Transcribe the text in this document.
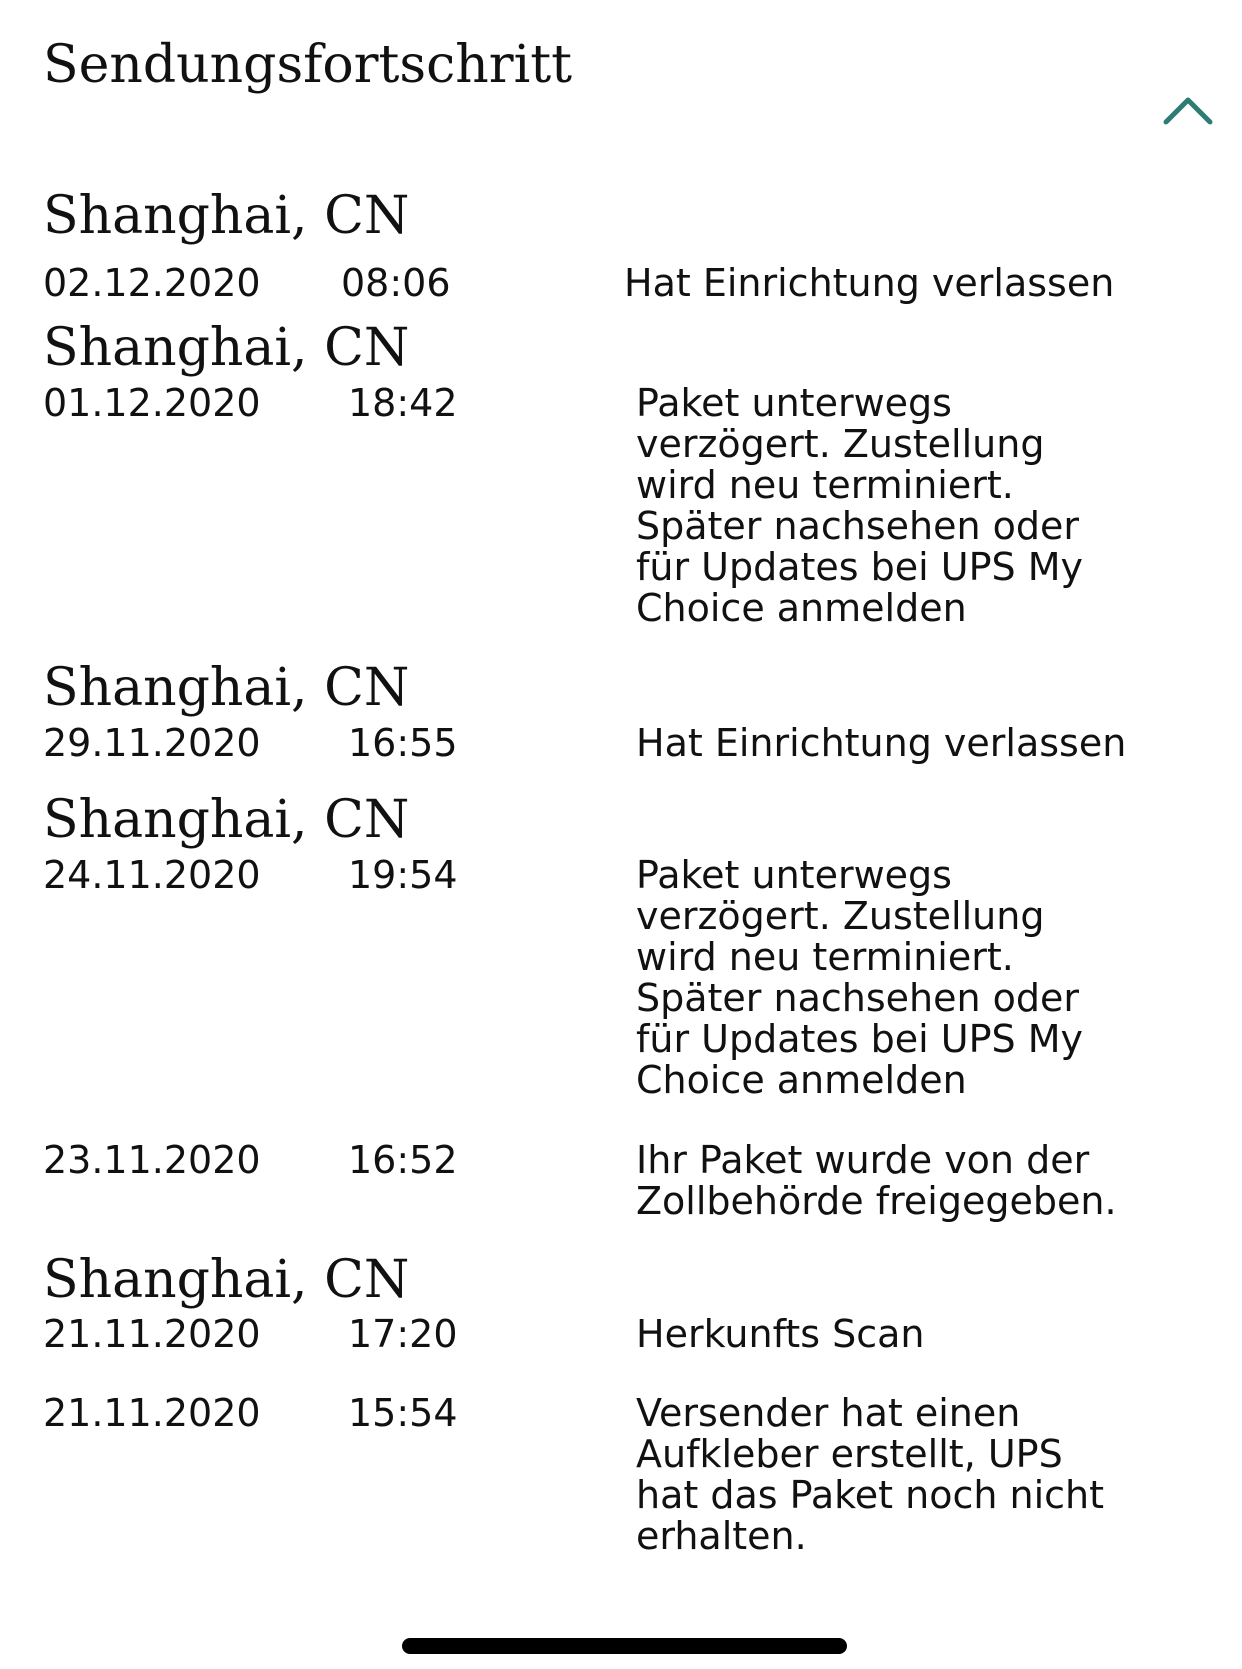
Sendungsfortschritt
Shanghai, CN
02.12.2020 08:06	Hat Einrichtung verlassen
Shanghai, CN
01.12.2020 18:42	Paket unterwegs verzögert. Zustellung wird neu terminiert. Später nachsehen oder für Updates bei UPS My Choice anmelden
Shanghai, CN
29.11.2020 16:55	Hat Einrichtung verlassen
Shanghai, CN
24.11.2020 19:54	Paket unterwegs verzögert. Zustellung wird neu terminiert. Später nachsehen oder für Updates bei UPS My Choice anmelden
23.11.2020 16:52	Ihr Paket wurde von der Zollbehörde freigegeben.
Shanghai, CN
21.11.2020 17:20	Herkunfts Scan
21.11.2020 15:54	Versender hat einen Aufkleber erstellt, UPS hat das Paket noch nicht erhalten.
